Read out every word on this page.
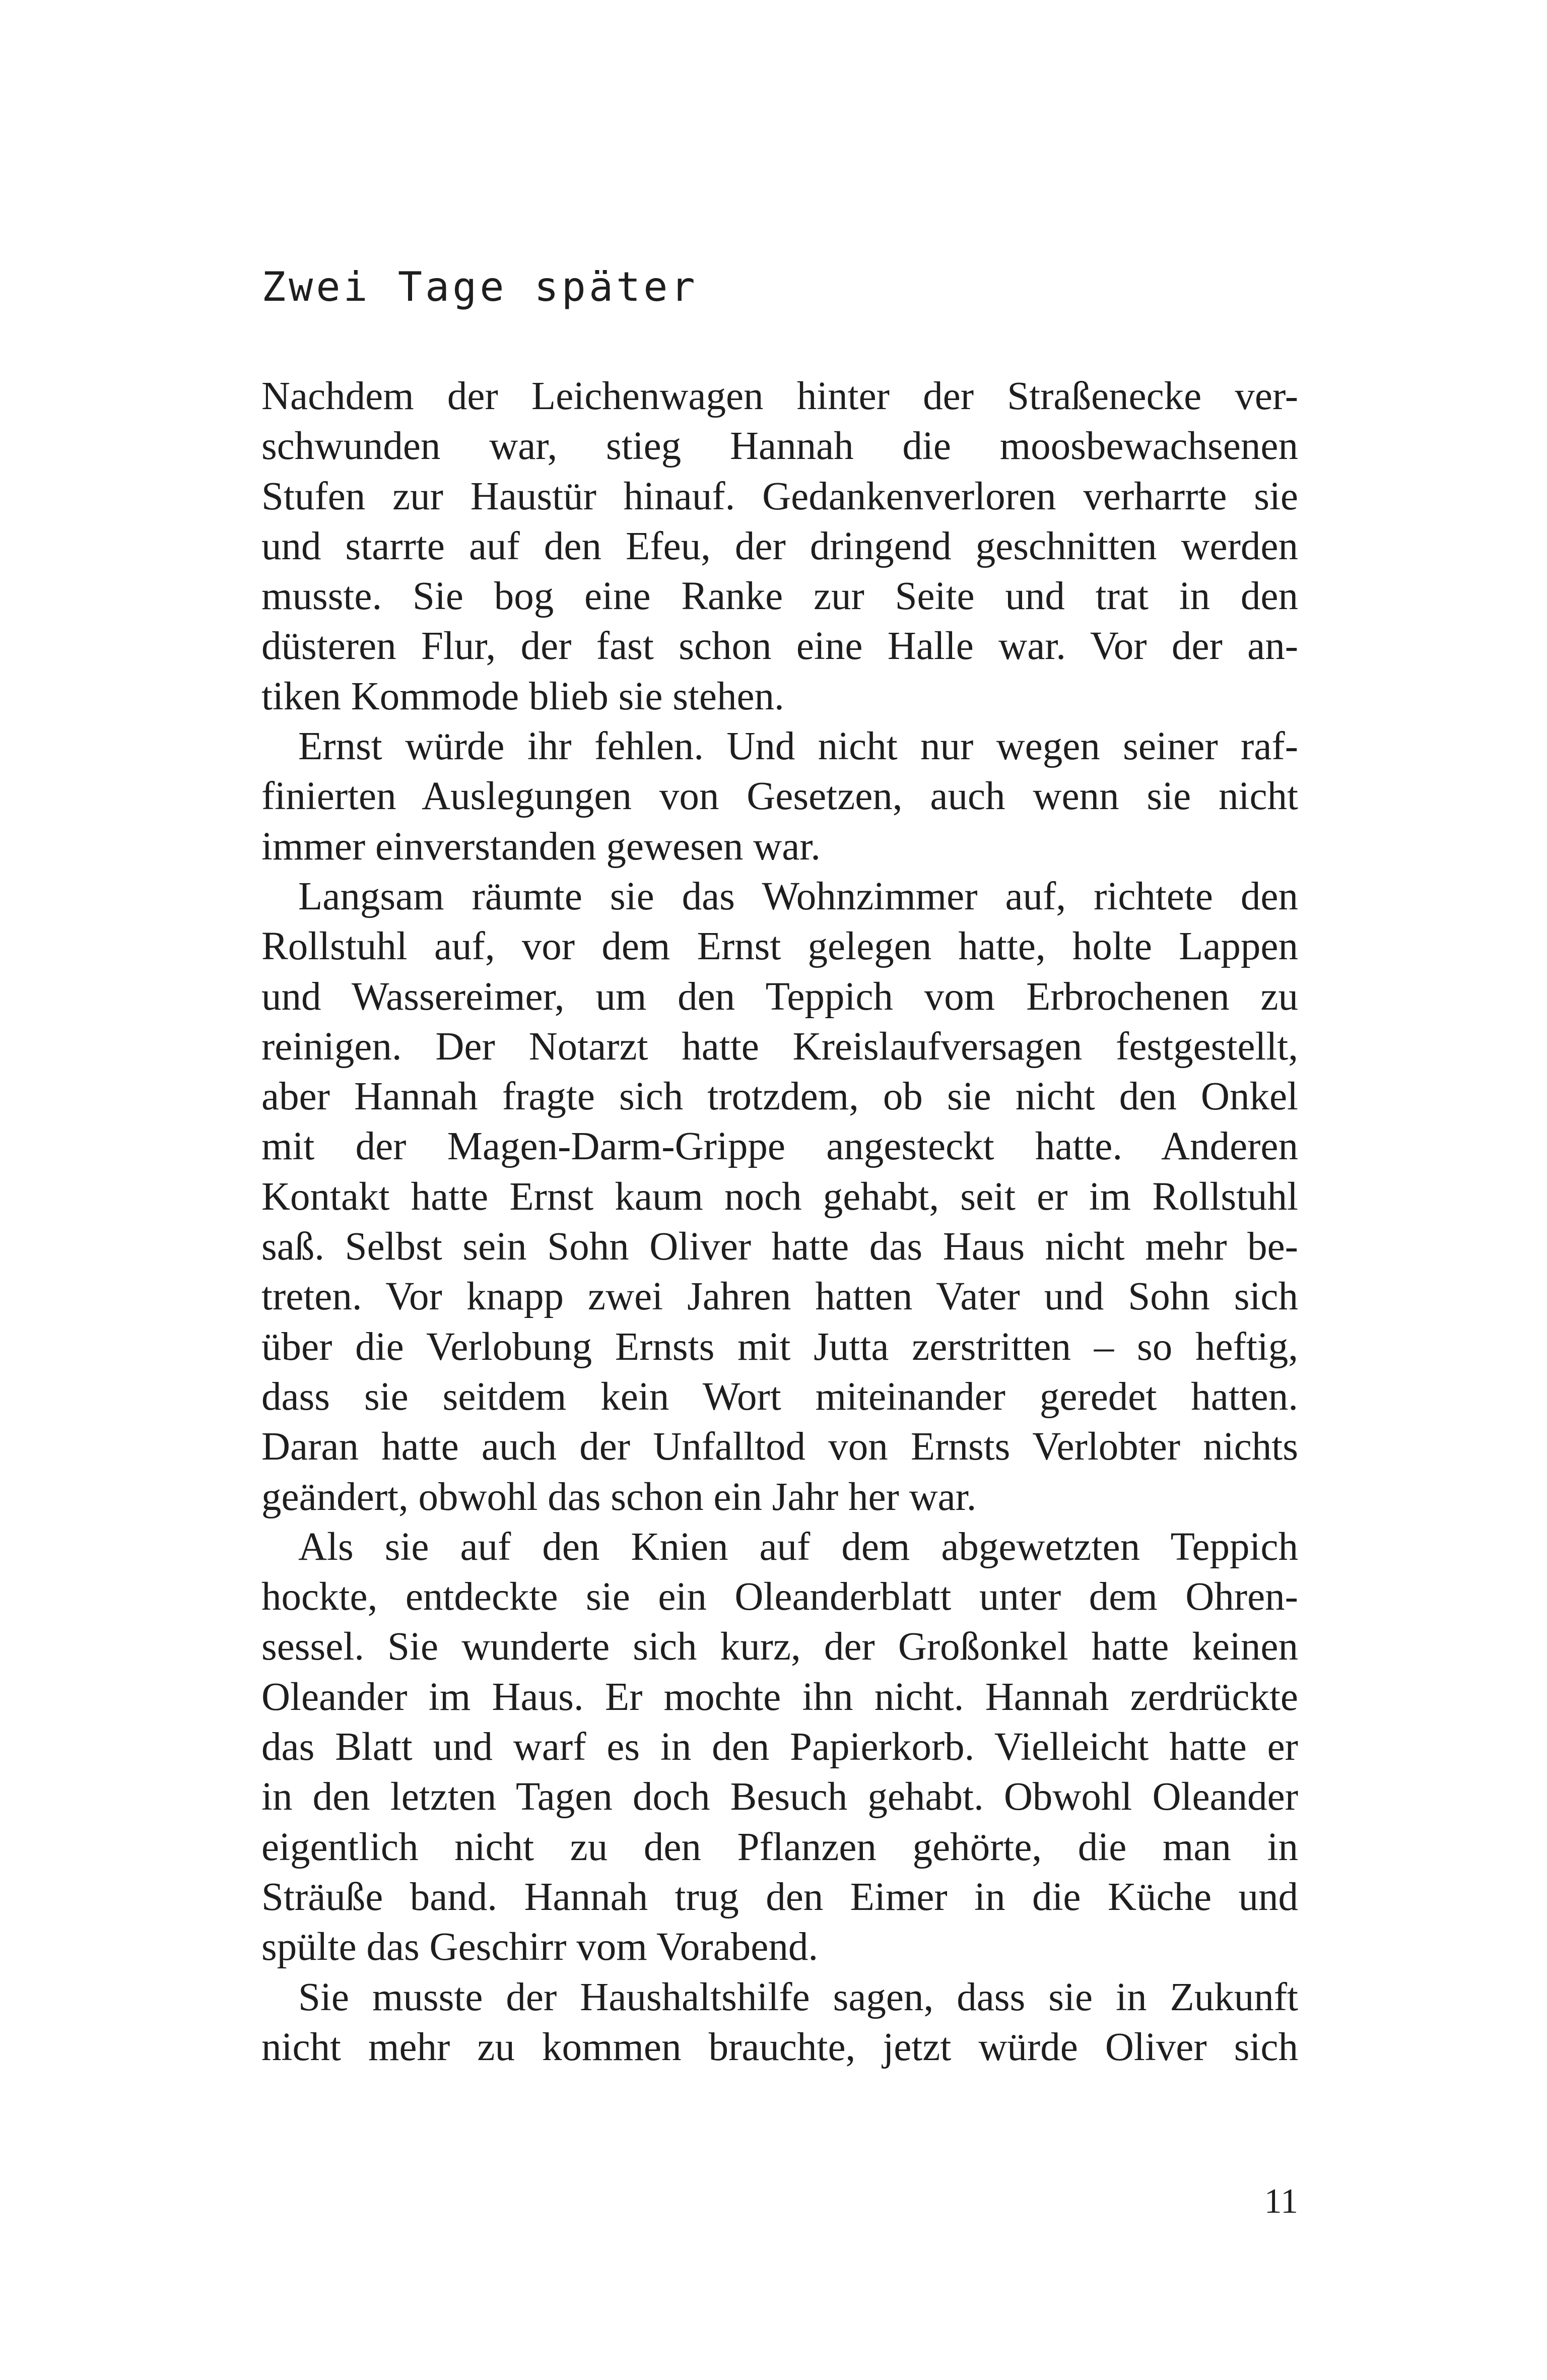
Zwei Tage später

Nachdem der Leichenwagen hinter der Straßenecke ver-
schwunden war, stieg Hannah die moosbewachsenen
Stufen zur Haustür hinauf. Gedankenverloren verharrte sie
und starrte auf den Efeu, der dringend geschnitten werden
musste. Sie bog eine Ranke zur Seite und trat in den
düsteren Flur, der fast schon eine Halle war. Vor der an-
tiken Kommode blieb sie stehen.

Ernst würde ihr fehlen. Und nicht nur wegen seiner raf-
finierten Auslegungen von Gesetzen, auch wenn sie nicht
immer einverstanden gewesen war.

Langsam räumte sie das Wohnzimmer auf, richtete den
Rollstuhl auf, vor dem Ernst gelegen hatte, holte Lappen
und Wassereimer, um den Teppich vom Erbrochenen zu
reinigen. Der Notarzt hatte Kreislaufversagen festgestellt,
aber Hannah fragte sich trotzdem, ob sie nicht den Onkel
mit der Magen-Darm-Grippe angesteckt hatte. Anderen
Kontakt hatte Ernst kaum noch gehabt, seit er im Rollstuhl
saß. Selbst sein Sohn Oliver hatte das Haus nicht mehr be-
treten. Vor knapp zwei Jahren hatten Vater und Sohn sich
über die Verlobung Ernsts mit Jutta zerstritten – so heftig,
dass sie seitdem kein Wort miteinander geredet hatten.
Daran hatte auch der Unfalltod von Ernsts Verlobter nichts
geändert, obwohl das schon ein Jahr her war.

Als sie auf den Knien auf dem abgewetzten Teppich
hockte, entdeckte sie ein Oleanderblatt unter dem Ohren-
sessel. Sie wunderte sich kurz, der Großonkel hatte keinen
Oleander im Haus. Er mochte ihn nicht. Hannah zerdrückte
das Blatt und warf es in den Papierkorb. Vielleicht hatte er
in den letzten Tagen doch Besuch gehabt. Obwohl Oleander
eigentlich nicht zu den Pflanzen gehörte, die man in
Sträuße band. Hannah trug den Eimer in die Küche und
spülte das Geschirr vom Vorabend.

Sie musste der Haushaltshilfe sagen, dass sie in Zukunft
nicht mehr zu kommen brauchte, jetzt würde Oliver sich

11
